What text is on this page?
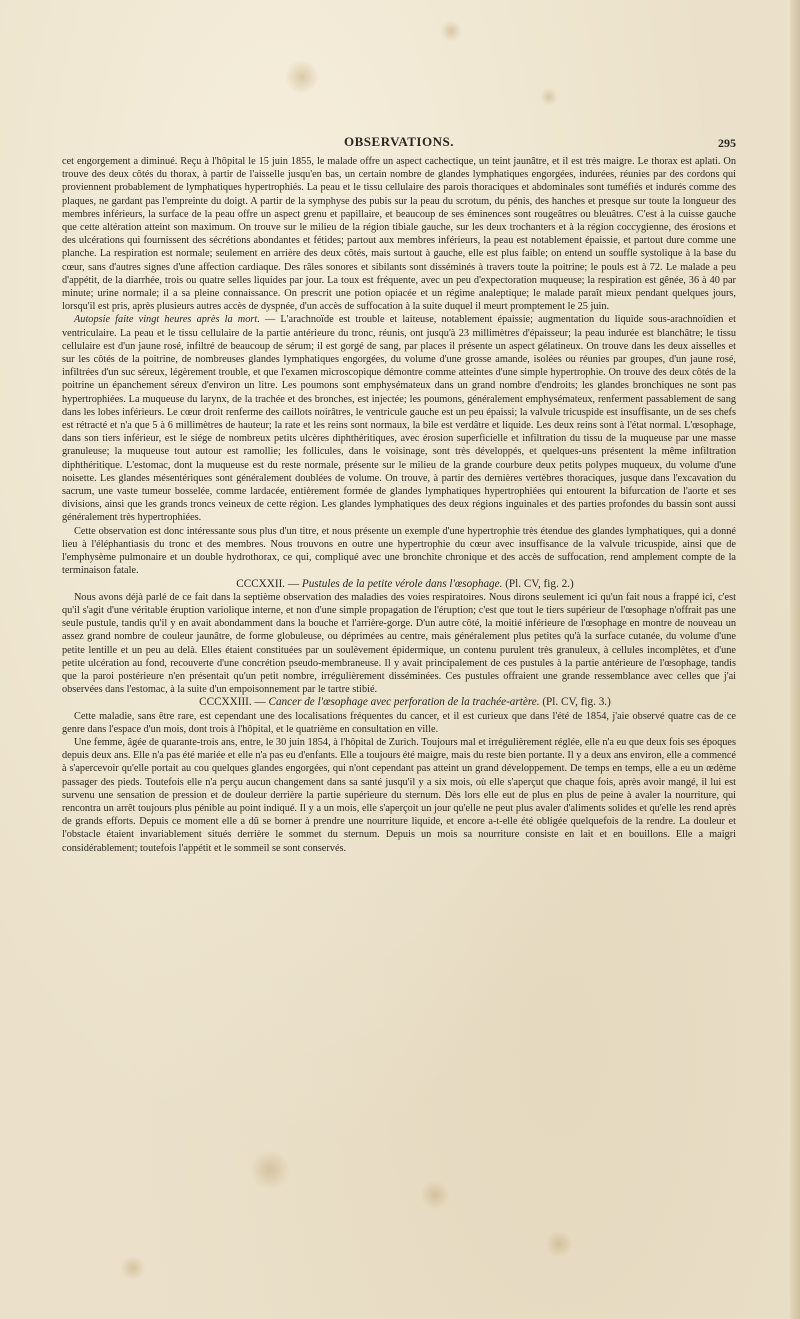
OBSERVATIONS.	295

cet engorgement a diminué. Reçu à l'hôpital le 15 juin 1855, le malade offre un aspect cachectique, un teint jaunâtre, et il est très maigre. Le thorax est aplati. On trouve des deux côtés du thorax, à partir de l'aisselle jusqu'en bas, un certain nombre de glandes lymphatiques engorgées, indurées, réunies par des cordons qui proviennent probablement de lymphatiques hypertrophiés. La peau et le tissu cellulaire des parois thoraciques et abdominales sont tuméfiés et indurés comme des plaques, ne gardant pas l'empreinte du doigt. A partir de la symphyse des pubis sur la peau du scrotum, du pénis, des hanches et presque sur toute la longueur des membres inférieurs, la surface de la peau offre un aspect grenu et papillaire, et beaucoup de ses éminences sont rougeâtres ou bleuâtres. C'est à la cuisse gauche que cette altération atteint son maximum. On trouve sur le milieu de la région tibiale gauche, sur les deux trochanters et à la région coccygienne, des érosions et des ulcérations qui fournissent des sécrétions abondantes et fétides; partout aux membres inférieurs, la peau est notablement épaissie, et partout dure comme une planche. La respiration est normale; seulement en arrière des deux côtés, mais surtout à gauche, elle est plus faible; on entend un souffle systolique à la base du cœur, sans d'autres signes d'une affection cardiaque. Des râles sonores et sibilants sont disséminés à travers toute la poitrine; le pouls est à 72. Le malade a peu d'appétit, de la diarrhée, trois ou quatre selles liquides par jour. La toux est fréquente, avec un peu d'expectoration muqueuse; la respiration est gênée, 36 à 40 par minute; urine normale; il a sa pleine connaissance. On prescrit une potion opiacée et un régime analeptique; le malade paraît mieux pendant quelques jours, lorsqu'il est pris, après plusieurs autres accès de dyspnée, d'un accès de suffocation à la suite duquel il meurt promptement le 25 juin.

Autopsie faite vingt heures après la mort. — L'arachnoïde est trouble et laiteuse, notablement épaissie; augmentation du liquide sous-arachnoïdien et ventriculaire. La peau et le tissu cellulaire de la partie antérieure du tronc, réunis, ont jusqu'à 23 millimètres d'épaisseur; la peau indurée est blanchâtre; le tissu cellulaire est d'un jaune rosé, infiltré de beaucoup de sérum; il est gorgé de sang, par places il présente un aspect gélatineux. On trouve dans les deux aisselles et sur les côtés de la poitrine, de nombreuses glandes lymphatiques engorgées, du volume d'une grosse amande, isolées ou réunies par groupes, d'un jaune rosé, infiltrées d'un suc séreux, légèrement trouble, et que l'examen microscopique démontre comme atteintes d'une simple hypertrophie. On trouve des deux côtés de la poitrine un épanchement séreux d'environ un litre. Les poumons sont emphysémateux dans un grand nombre d'endroits; les glandes bronchiques ne sont pas hypertrophiées. La muqueuse du larynx, de la trachée et des bronches, est injectée; les poumons, généralement emphysémateux, renferment passablement de sang dans les lobes inférieurs. Le cœur droit renferme des caillots noirâtres, le ventricule gauche est un peu épaissi; la valvule tricuspide est insuffisante, un de ses chefs est rétracté et n'a que 5 à 6 millimètres de hauteur; la rate et les reins sont normaux, la bile est verdâtre et liquide. Les deux reins sont à l'état normal. L'œsophage, dans son tiers inférieur, est le siége de nombreux petits ulcères diphthéritiques, avec érosion superficielle et infiltration du tissu de la muqueuse par une masse granuleuse; la muqueuse tout autour est ramollie; les follicules, dans le voisinage, sont très développés, et quelques-uns présentent la même infiltration diphthéritique. L'estomac, dont la muqueuse est du reste normale, présente sur le milieu de la grande courbure deux petits polypes muqueux, du volume d'une noisette. Les glandes mésentériques sont généralement doublées de volume. On trouve, à partir des dernières vertèbres thoraciques, jusque dans l'excavation du sacrum, une vaste tumeur bosselée, comme lardacée, entièrement formée de glandes lymphatiques hypertrophiées qui entourent la bifurcation de l'aorte et ses divisions, ainsi que les grands troncs veineux de cette région. Les glandes lymphatiques des deux régions inguinales et des parties profondes du bassin sont aussi généralement très hypertrophiées.

Cette observation est donc intéressante sous plus d'un titre, et nous présente un exemple d'une hypertrophie très étendue des glandes lymphatiques, qui a donné lieu à l'éléphantiasis du tronc et des membres. Nous trouvons en outre une hypertrophie du cœur avec insuffisance de la valvule tricuspide, ainsi que de l'emphysème pulmonaire et un double hydrothorax, ce qui, compliqué avec une bronchite chronique et des accès de suffocation, rend amplement compte de la terminaison fatale.

CCCXXII. — Pustules de la petite vérole dans l'œsophage. (Pl. CV, fig. 2.)

Nous avons déjà parlé de ce fait dans la septième observation des maladies des voies respiratoires. Nous dirons seulement ici qu'un fait nous a frappé ici, c'est qu'il s'agit d'une véritable éruption variolique interne, et non d'une simple propagation de l'éruption; c'est que tout le tiers supérieur de l'œsophage n'offrait pas une seule pustule, tandis qu'il y en avait abondamment dans la bouche et l'arrière-gorge. D'un autre côté, la moitié inférieure de l'œsophage en montre de nouveau un assez grand nombre de couleur jaunâtre, de forme globuleuse, ou déprimées au centre, mais généralement plus petites qu'à la surface cutanée, du volume d'une petite lentille et un peu au delà. Elles étaient constituées par un soulèvement épidermique, un contenu purulent très granuleux, à cellules incomplètes, et d'une petite ulcération au fond, recouverte d'une concrétion pseudo-membraneuse. Il y avait principalement de ces pustules à la partie antérieure de l'œsophage, tandis que la paroi postérieure n'en présentait qu'un petit nombre, irrégulièrement disséminées. Ces pustules offraient une grande ressemblance avec celles que j'ai observées dans l'estomac, à la suite d'un empoisonnement par le tartre stibié.

CCCXXIII. — Cancer de l'œsophage avec perforation de la trachée-artère. (Pl. CV, fig. 3.)

Cette maladie, sans être rare, est cependant une des localisations fréquentes du cancer, et il est curieux que dans l'été de 1854, j'aie observé quatre cas de ce genre dans l'espace d'un mois, dont trois à l'hôpital, et le quatrième en consultation en ville.

Une femme, âgée de quarante-trois ans, entre, le 30 juin 1854, à l'hôpital de Zurich. Toujours mal et irrégulièrement réglée, elle n'a eu que deux fois ses époques depuis deux ans. Elle n'a pas été mariée et elle n'a pas eu d'enfants. Elle a toujours été maigre, mais du reste bien portante. Il y a deux ans environ, elle a commencé à s'apercevoir qu'elle portait au cou quelques glandes engorgées, qui n'ont cependant pas atteint un grand développement. De temps en temps, elle a eu un œdème passager des pieds. Toutefois elle n'a perçu aucun changement dans sa santé jusqu'il y a six mois, où elle s'aperçut que chaque fois, après avoir mangé, il lui est survenu une sensation de pression et de douleur derrière la partie supérieure du sternum. Dès lors elle eut de plus en plus de peine à avaler la nourriture, qui rencontra un arrêt toujours plus pénible au point indiqué. Il y a un mois, elle s'aperçoit un jour qu'elle ne peut plus avaler d'aliments solides et qu'elle les rend après de grands efforts. Depuis ce moment elle a dû se borner à prendre une nourriture liquide, et encore a-t-elle été obligée quelquefois de la rendre. La douleur et l'obstacle étaient invariablement situés derrière le sommet du sternum. Depuis un mois sa nourriture consiste en lait et en bouillons. Elle a maigri considérablement; toutefois l'appétit et le sommeil se sont conservés.
